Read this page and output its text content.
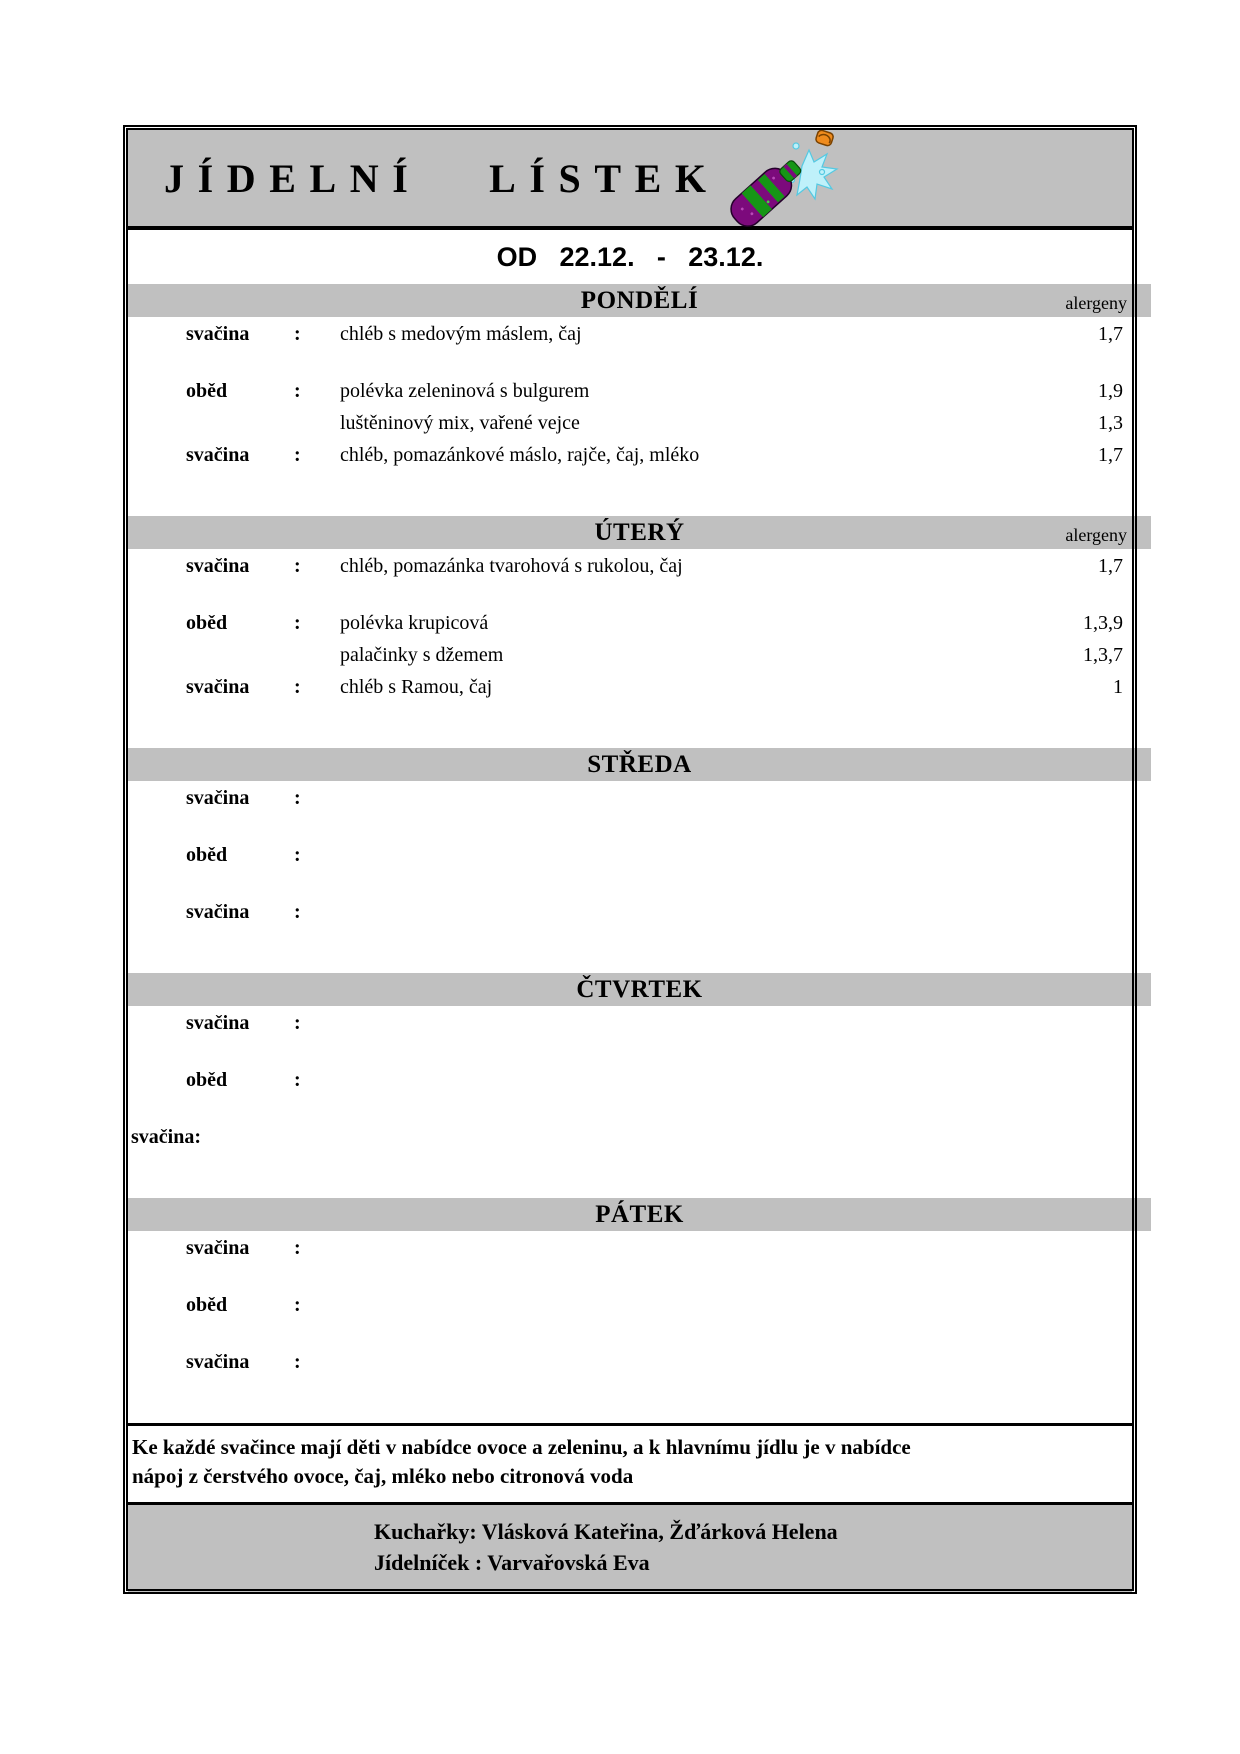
JÍDELNÍ LÍSTEK
OD 22.12. - 23.12.
PONDĚLÍ	alergeny
svačina	:	chléb s medovým máslem, čaj	1,7
oběd	:	polévka zeleninová s bulgurem	1,9
luštěninový mix, vařené vejce	1,3
svačina	:	chléb, pomazánkové máslo, rajče, čaj, mléko	1,7
ÚTERÝ	alergeny
svačina	:	chléb, pomazánka tvarohová s rukolou, čaj	1,7
oběd	:	polévka krupicová	1,3,9
palačinky s džemem	1,3,7
svačina	:	chléb s Ramou, čaj	1
STŘEDA
svačina	:
oběd	:
svačina	:
ČTVRTEK
svačina	:
oběd	:
svačina :
PÁTEK
svačina	:
oběd	:
svačina	:
Ke každé svačince mají děti v nabídce ovoce a zeleninu, a k hlavnímu jídlu je v nabídce
nápoj z čerstvého ovoce, čaj, mléko nebo citronová voda
Kuchařky: Vlásková Kateřina, Žďárková Helena
Jídelníček : Varvařovská Eva
